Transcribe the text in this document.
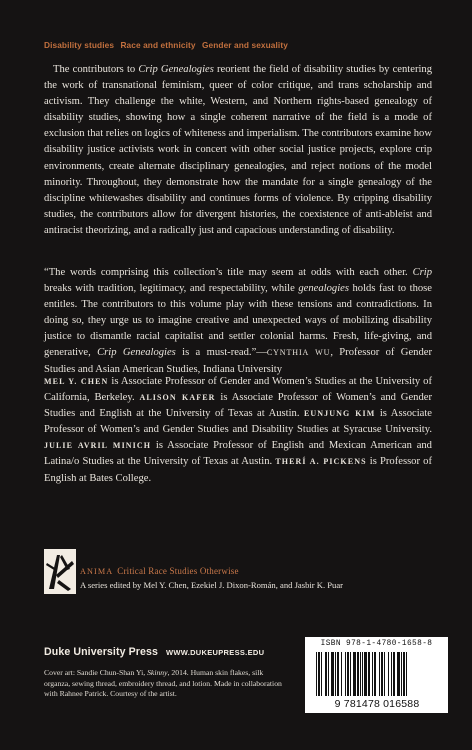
Disability studies Race and ethnicity Gender and sexuality

The contributors to Crip Genealogies reorient the field of disability studies by centering the work of transnational feminism, queer of color critique, and trans scholarship and activism. They challenge the white, Western, and Northern rights-based genealogy of disability studies, showing how a single coherent narrative of the field is a mode of exclusion that relies on logics of whiteness and imperialism. The contributors examine how disability justice activists work in concert with other social justice projects, explore crip environments, create alternate disciplinary genealogies, and reject notions of the model minority. Throughout, they demonstrate how the mandate for a single genealogy of the discipline whitewashes disability and continues forms of violence. By cripping disability studies, the contributors allow for divergent histories, the coexistence of anti-ableist and antiracist theorizing, and a radically just and capacious understanding of disability.

“The words comprising this collection’s title may seem at odds with each other. Crip breaks with tradition, legitimacy, and respectability, while genealogies holds fast to those entitles. The contributors to this volume play with these tensions and contradictions. In doing so, they urge us to imagine creative and unexpected ways of mobilizing disability justice to dismantle racial capitalist and settler colonial harms. Fresh, life-giving, and generative, Crip Genealogies is a must-read.”—CYNTHIA WU, Professor of Gender Studies and Asian American Studies, Indiana University

MEL Y. CHEN is Associate Professor of Gender and Women’s Studies at the University of California, Berkeley. ALISON KAFER is Associate Professor of Women’s and Gender Studies and English at the University of Texas at Austin. EUNJUNG KIM is Associate Professor of Women’s and Gender Studies and Disability Studies at Syracuse University. JULIE AVRIL MINICH is Associate Professor of English and Mexican American and Latina/o Studies at the University of Texas at Austin. THERÍ A. PICKENS is Professor of English at Bates College.

ANIMA Critical Race Studies Otherwise
A series edited by Mel Y. Chen, Ezekiel J. Dixon-Román, and Jasbir K. Puar
Duke University Press WWW.DUKEUPRESS.EDU

Cover art: Sandie Chun-Shan Yi, Skinny, 2014. Human skin flakes, silk organza, sewing thread, embroidery thread, and lotion. Made in collaboration with Rahnee Patrick. Courtesy of the artist.

ISBN 978-1-4780-1658-8
9 781478 016588
